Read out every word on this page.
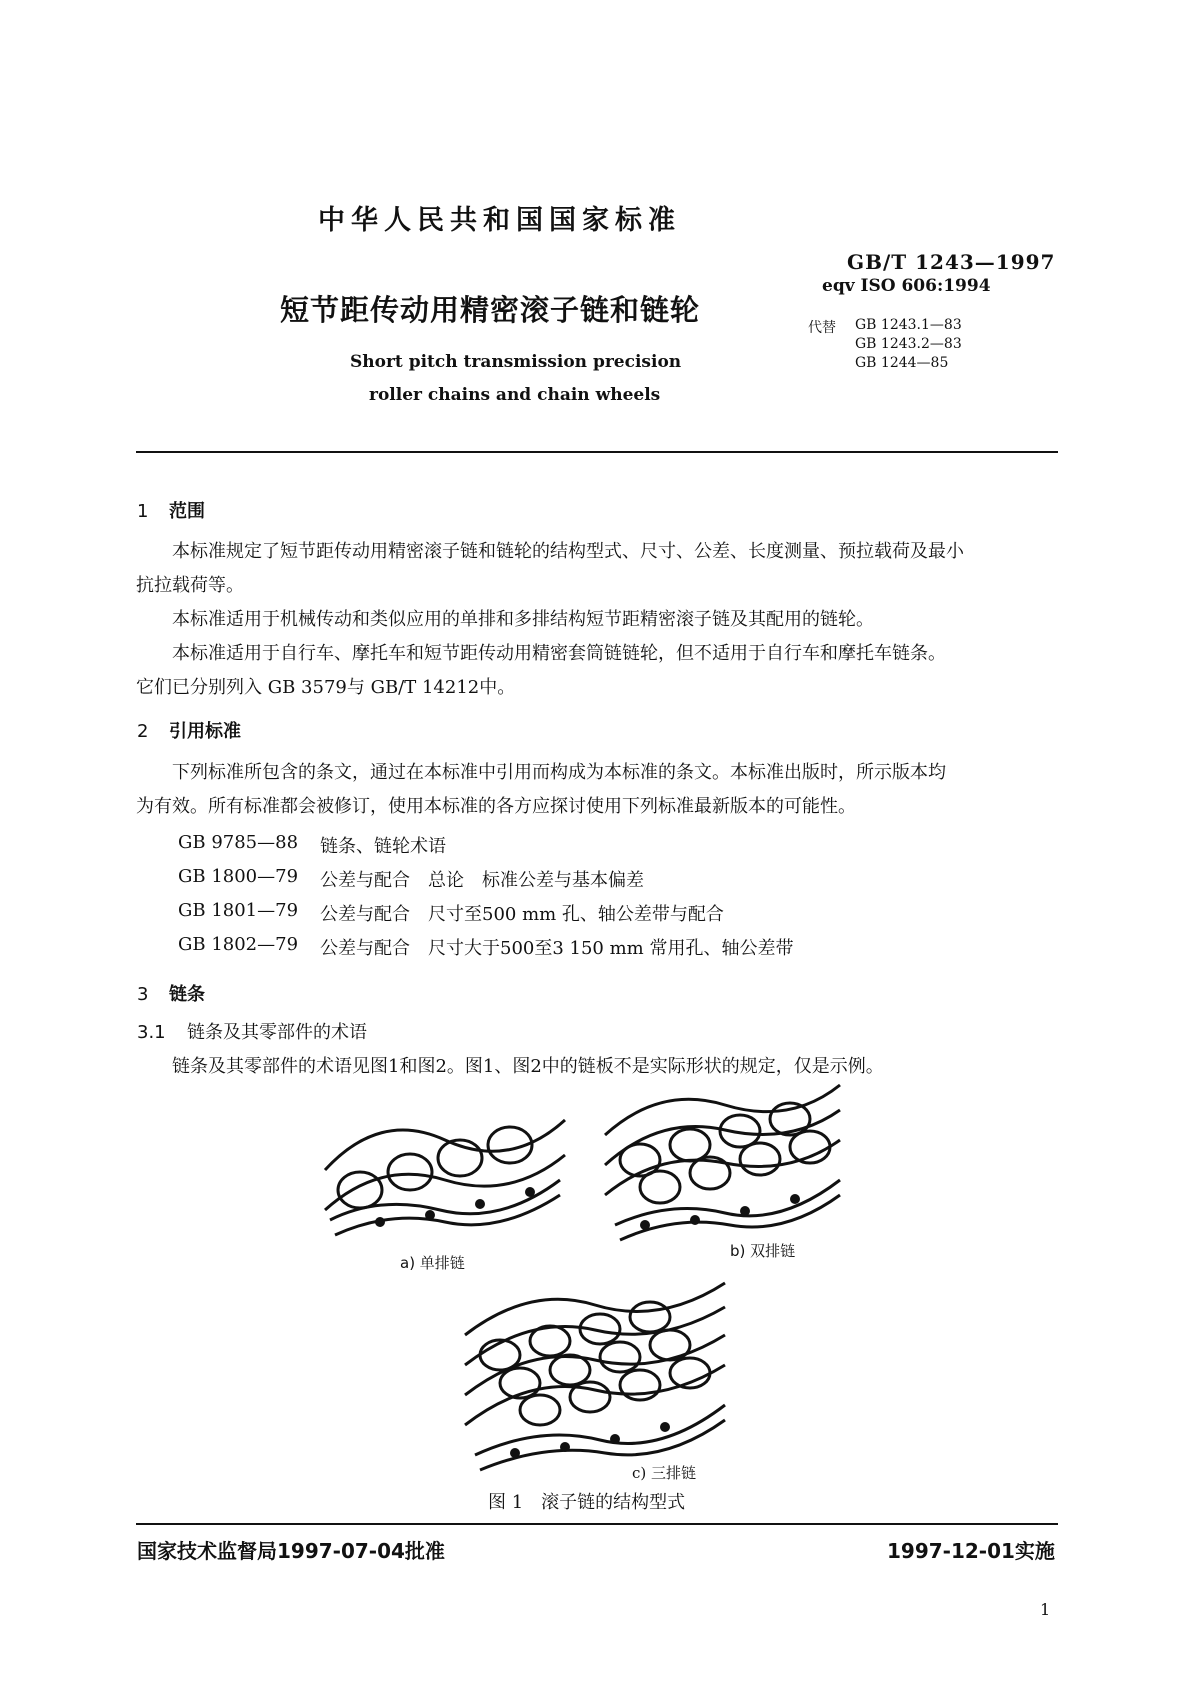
中华人民共和国国家标准
GB/T 1243—1997
eqv ISO 606:1994
代替 GB 1243.1—83
GB 1243.2—83
GB 1244—85
短节距传动用精密滚子链和链轮
Short pitch transmission precision
roller chains and chain wheels
1 范围
本标准规定了短节距传动用精密滚子链和链轮的结构型式、尺寸、公差、长度测量、预拉载荷及最小
抗拉载荷等。
本标准适用于机械传动和类似应用的单排和多排结构短节距精密滚子链及其配用的链轮。
本标准适用于自行车、摩托车和短节距传动用精密套筒链链轮，但不适用于自行车和摩托车链条。
它们已分别列入 GB 3579与 GB/T 14212中。
2 引用标准
下列标准所包含的条文，通过在本标准中引用而构成为本标准的条文。本标准出版时，所示版本均
为有效。所有标准都会被修订，使用本标准的各方应探讨使用下列标准最新版本的可能性。
GB 9785—88 链条、链轮术语
GB 1800—79 公差与配合　总论　标准公差与基本偏差
GB 1801—79 公差与配合　尺寸至500 mm 孔、轴公差带与配合
GB 1802—79 公差与配合　尺寸大于500至3 150 mm 常用孔、轴公差带
3 链条
3.1 链条及其零部件的术语
链条及其零部件的术语见图1和图2。图1、图2中的链板不是实际形状的规定，仅是示例。
a) 单排链
b) 双排链
c) 三排链
图 1　滚子链的结构型式
国家技术监督局1997-07-04批准	1997-12-01实施
1
